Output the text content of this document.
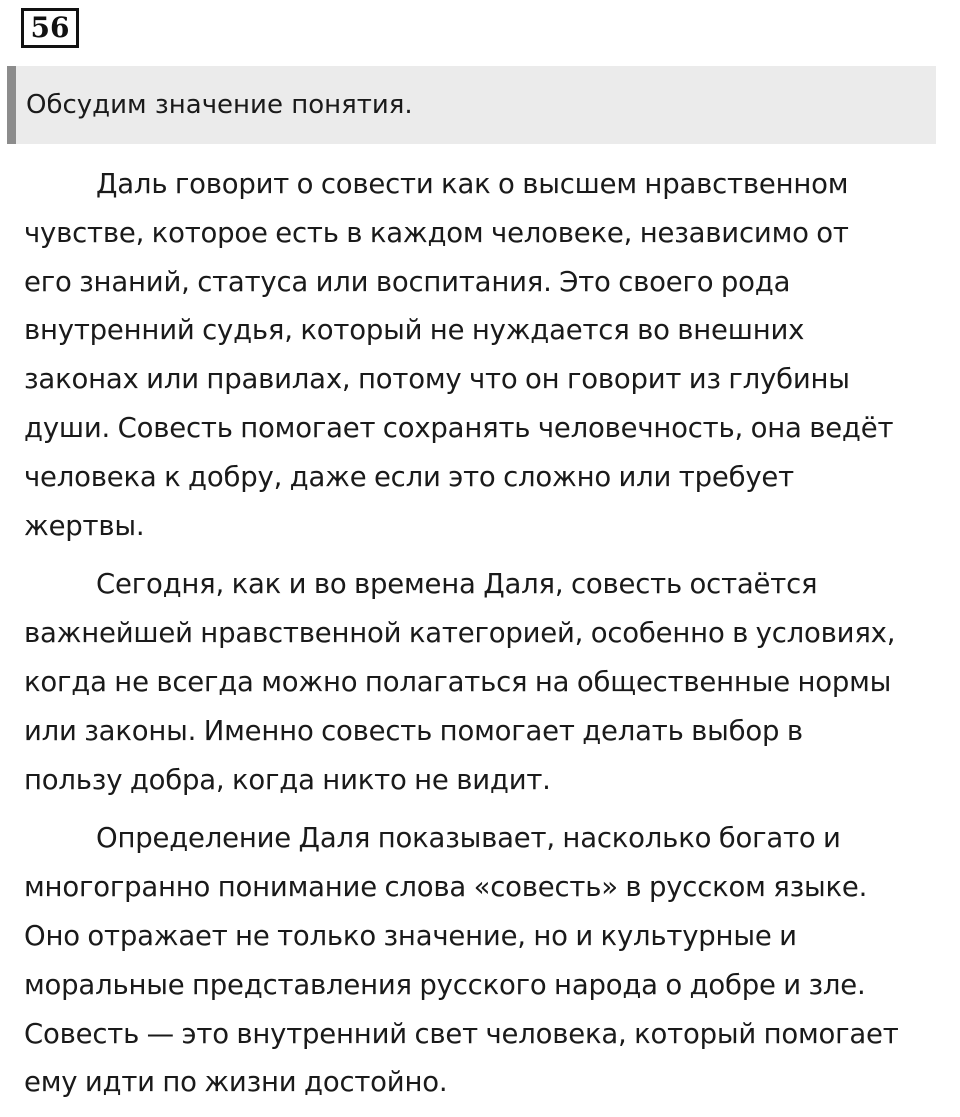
56
Обсудим значение понятия.

Даль говорит о совести как о высшем нравственном
чувстве, которое есть в каждом человеке, независимо от
его знаний, статуса или воспитания. Это своего рода
внутренний судья, который не нуждается во внешних
законах или правилах, потому что он говорит из глубины
души. Совесть помогает сохранять человечность, она ведёт
человека к добру, даже если это сложно или требует
жертвы.

Сегодня, как и во времена Даля, совесть остаётся
важнейшей нравственной категорией, особенно в условиях,
когда не всегда можно полагаться на общественные нормы
или законы. Именно совесть помогает делать выбор в
пользу добра, когда никто не видит.

Определение Даля показывает, насколько богато и
многогранно понимание слова «совесть» в русском языке.
Оно отражает не только значение, но и культурные и
моральные представления русского народа о добре и зле.
Совесть — это внутренний свет человека, который помогает
ему идти по жизни достойно.
